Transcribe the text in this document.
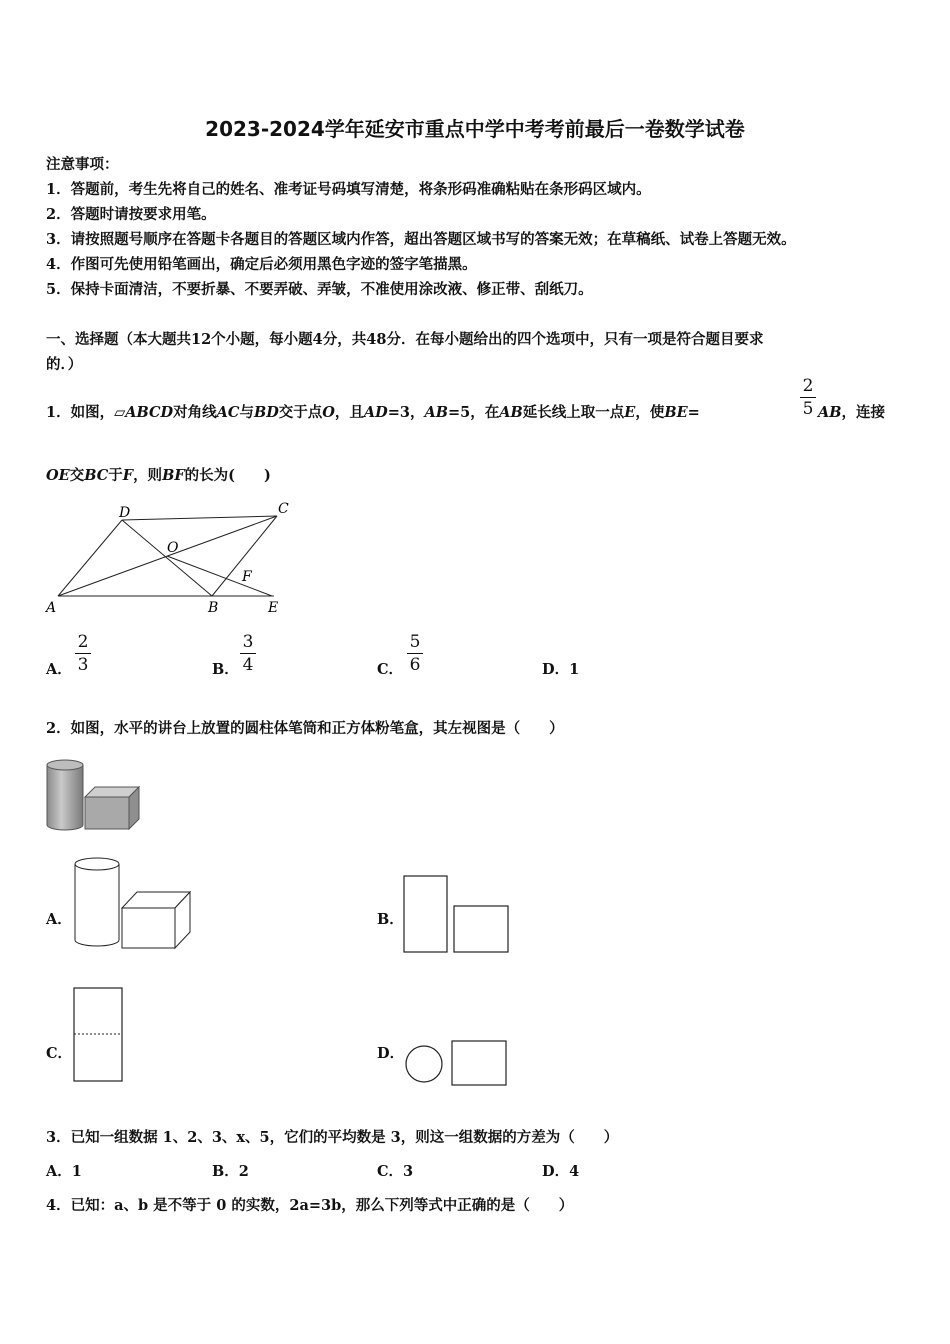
2023-2024学年延安市重点中学中考考前最后一卷数学试卷
注意事项：
1．答题前，考生先将自己的姓名、准考证号码填写清楚，将条形码准确粘贴在条形码区域内。
2．答题时请按要求用笔。
3．请按照题号顺序在答题卡各题目的答题区域内作答，超出答题区域书写的答案无效；在草稿纸、试卷上答题无效。
4．作图可先使用铅笔画出，确定后必须用黑色字迹的签字笔描黑。
5．保持卡面清洁，不要折暴、不要弄破、弄皱，不准使用涂改液、修正带、刮纸刀。
一、选择题（本大题共12个小题，每小题4分，共48分．在每小题给出的四个选项中，只有一项是符合题目要求
的．）
1．如图，▱ABCD对角线AC与BD交于点O，且AD=3，AB=5，在AB延长线上取一点E，使BE=
2
5 AB，连接
OE交BC于F，则BF的长为(　　)
D	C
O
F
A	B	E
A．
2
3	B．
3
4	C．
5
6	D．1
2．如图，水平的讲台上放置的圆柱体笔筒和正方体粉笔盒，其左视图是（　　）
A．	B．
C．	D．
3．已知一组数据 1、2、3、x、5，它们的平均数是 3，则这一组数据的方差为（　　）
A．1	B．2	C．3	D．4
4．已知：a、b 是不等于 0 的实数，2a=3b，那么下列等式中正确的是（　　）
